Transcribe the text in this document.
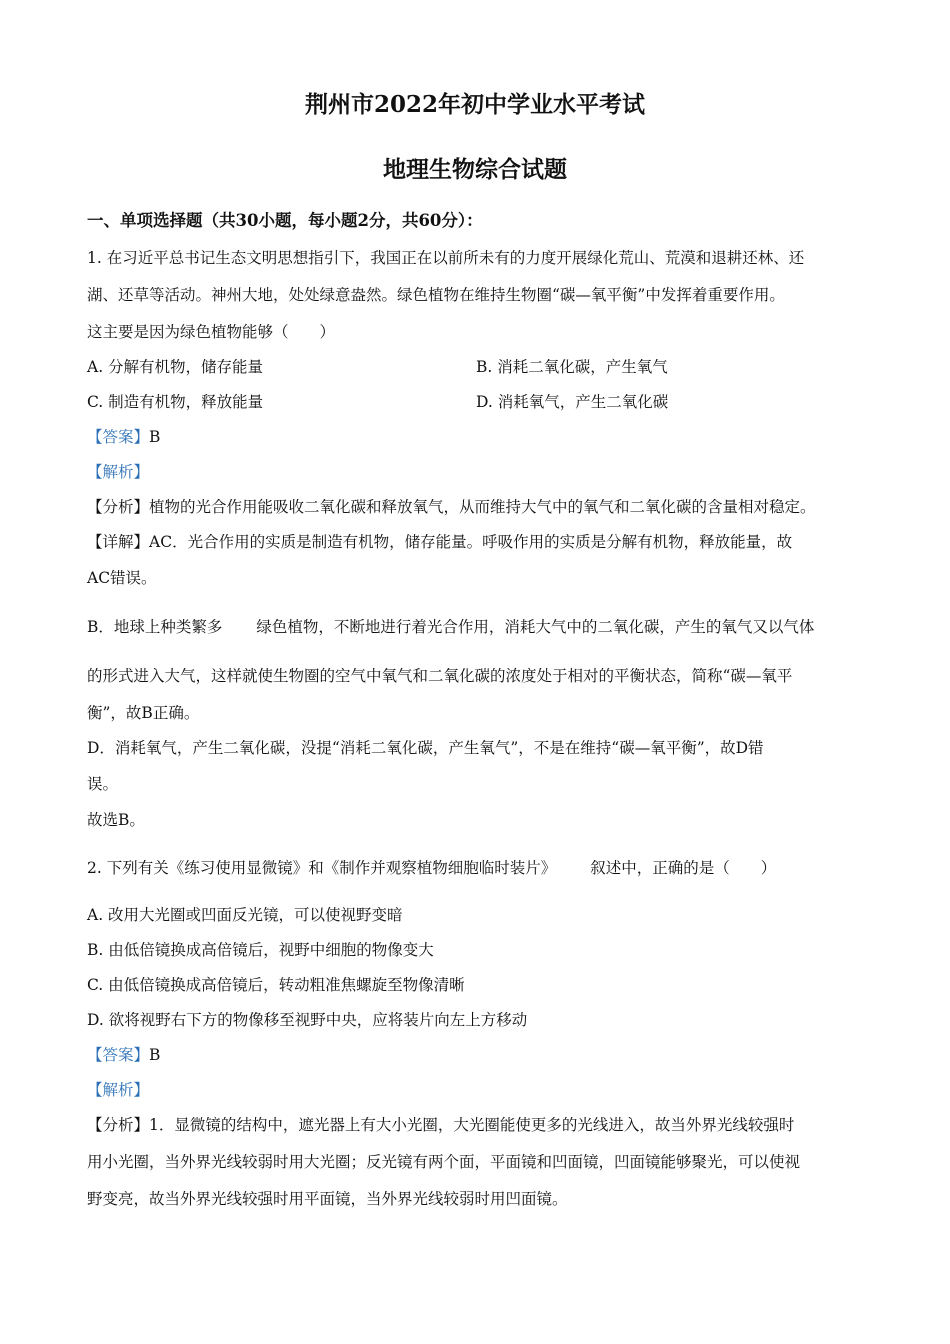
荆州市2022年初中学业水平考试
地理生物综合试题

一、单项选择题（共30小题，每小题2分，共60分）：

1. 在习近平总书记生态文明思想指引下，我国正在以前所未有的力度开展绿化荒山、荒漠和退耕还林、还

湖、还草等活动。神州大地，处处绿意盎然。绿色植物在维持生物圈“碳—氧平衡”中发挥着重要作用。

这主要是因为绿色植物能够（　　）

A. 分解有机物，储存能量	B. 消耗二氧化碳，产生氧气

C. 制造有机物，释放能量	D. 消耗氧气，产生二氧化碳

【答案】B

【解析】

【分析】植物的光合作用能吸收二氧化碳和释放氧气，从而维持大气中的氧气和二氧化碳的含量相对稳定。

【详解】AC．光合作用的实质是制造有机物，储存能量。呼吸作用的实质是分解有机物，释放能量，故

AC错误。

B．地球上种类繁多 绿色植物，不断地进行着光合作用，消耗大气中的二氧化碳，产生的氧气又以气体

的形式进入大气，这样就使生物圈的空气中氧气和二氧化碳的浓度处于相对的平衡状态，简称“碳—氧平

衡”，故B正确。

D．消耗氧气，产生二氧化碳，没提“消耗二氧化碳，产生氧气”，不是在维持“碳—氧平衡”，故D错

误。

故选B。

2. 下列有关《练习使用显微镜》和《制作并观察植物细胞临时装片》 叙述中，正确的是（　　）

A. 改用大光圈或凹面反光镜，可以使视野变暗

B. 由低倍镜换成高倍镜后，视野中细胞的物像变大

C. 由低倍镜换成高倍镜后，转动粗准焦螺旋至物像清晰

D. 欲将视野右下方的物像移至视野中央，应将装片向左上方移动

【答案】B

【解析】

【分析】1．显微镜的结构中，遮光器上有大小光圈，大光圈能使更多的光线进入，故当外界光线较强时

用小光圈，当外界光线较弱时用大光圈；反光镜有两个面，平面镜和凹面镜，凹面镜能够聚光，可以使视

野变亮，故当外界光线较强时用平面镜，当外界光线较弱时用凹面镜。
